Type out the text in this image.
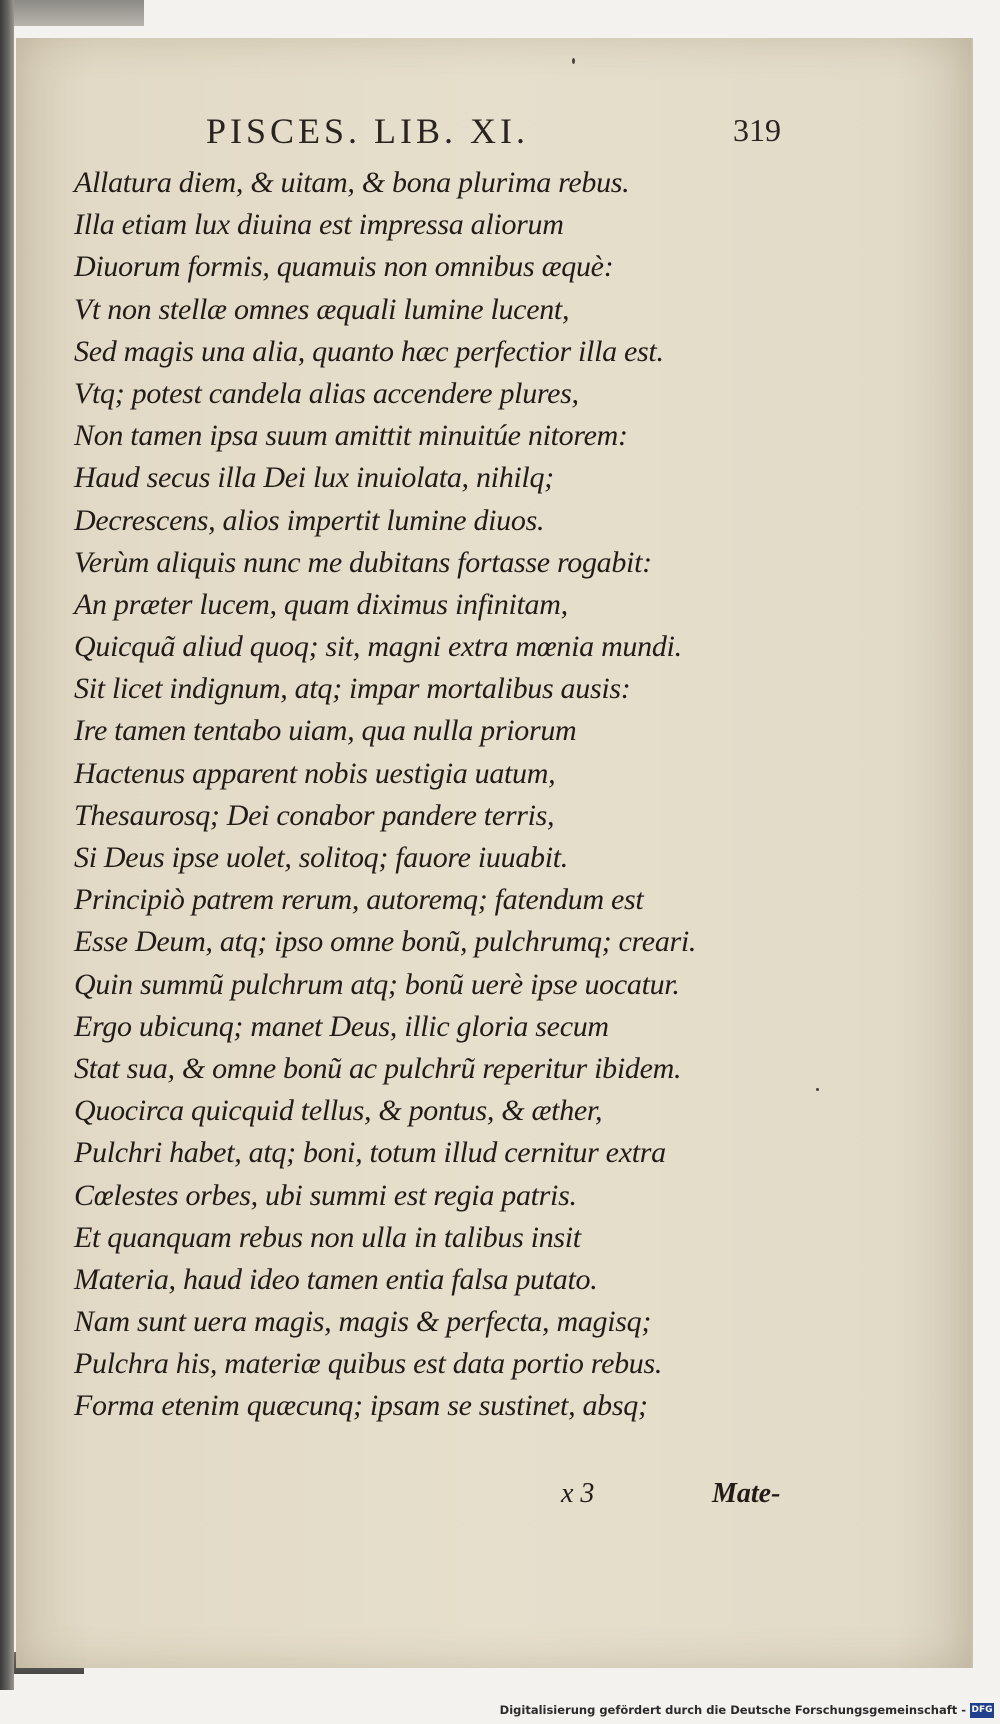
PISCES. LIB. XI.	319
Allatura diem, & uitam, & bona plurima rebus.
Illa etiam lux diuina est impressa aliorum
Diuorum formis, quamuis non omnibus æquè:
Vt non stellæ omnes æquali lumine lucent,
Sed magis una alia, quanto hæc perfectior illa est.
Vtq; potest candela alias accendere plures,
Non tamen ipsa suum amittit minuitúe nitorem:
Haud secus illa Dei lux inuiolata, nihilq;
Decrescens, alios impertit lumine diuos.
Verùm aliquis nunc me dubitans fortasse rogabit:
An præter lucem, quam diximus infinitam,
Quicquã aliud quoq; sit, magni extra mœnia mundi.
Sit licet indignum, atq; impar mortalibus ausis:
Ire tamen tentabo uiam, qua nulla priorum
Hactenus apparent nobis uestigia uatum,
Thesaurosq; Dei conabor pandere terris,
Si Deus ipse uolet, solitoq; fauore iuuabit.
Principiò patrem rerum, autoremq; fatendum est
Esse Deum, atq; ipso omne bonũ, pulchrumq; creari.
Quin summũ pulchrum atq; bonũ uerè ipse uocatur.
Ergo ubicunq; manet Deus, illic gloria secum
Stat sua, & omne bonũ ac pulchrũ reperitur ibidem.
Quocirca quicquid tellus, & pontus, & æther,
Pulchri habet, atq; boni, totum illud cernitur extra
Cœlestes orbes, ubi summi est regia patris.
Et quanquam rebus non ulla in talibus insit
Materia, haud ideo tamen entia falsa putato.
Nam sunt uera magis, magis & perfecta, magisq;
Pulchra his, materiæ quibus est data portio rebus.
Forma etenim quæcunq; ipsam se sustinet, absq;
x 3	Mate-
Digitalisierung gefördert durch die Deutsche Forschungsgemeinschaft - DFG
